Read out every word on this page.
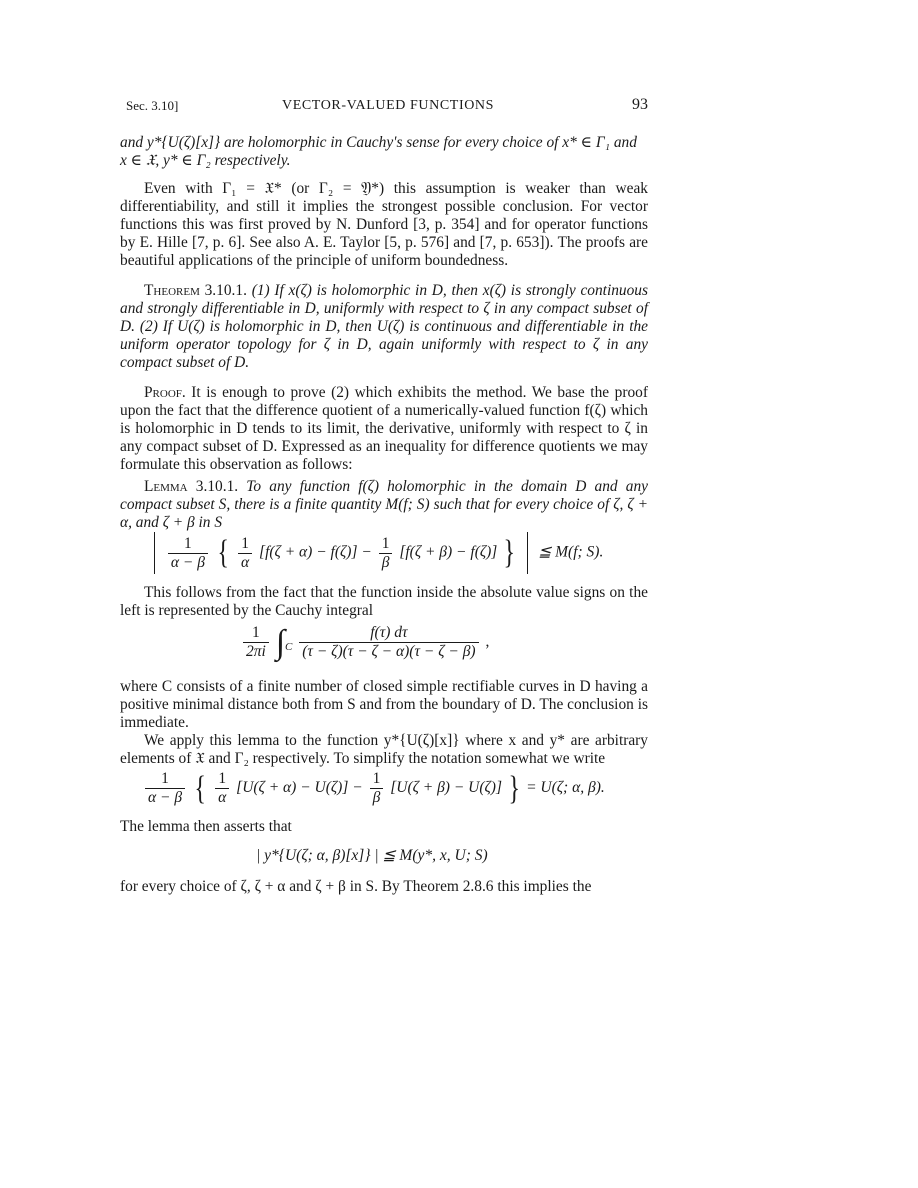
Sec. 3.10]	VECTOR-VALUED FUNCTIONS	93
and y*{U(ζ)[x]} are holomorphic in Cauchy's sense for every choice of x* ∈ Γ₁ and
x ∈ 𝔛, y* ∈ Γ₂ respectively.
Even with Γ₁ = 𝔛* (or Γ₂ = 𝔜*) this assumption is weaker than weak differentiability, and still it implies the strongest possible conclusion. For vector functions this was first proved by N. Dunford [3, p. 354] and for operator functions by E. Hille [7, p. 6]. See also A. E. Taylor [5, p. 576] and [7, p. 653]). The proofs are beautiful applications of the principle of uniform boundedness.
Theorem 3.10.1. (1) If x(ζ) is holomorphic in D, then x(ζ) is strongly continuous and strongly differentiable in D, uniformly with respect to ζ in any compact subset of D. (2) If U(ζ) is holomorphic in D, then U(ζ) is continuous and differentiable in the uniform operator topology for ζ in D, again uniformly with respect to ζ in any compact subset of D.
Proof. It is enough to prove (2) which exhibits the method. We base the proof upon the fact that the difference quotient of a numerically-valued function f(ζ) which is holomorphic in D tends to its limit, the derivative, uniformly with respect to ζ in any compact subset of D. Expressed as an inequality for difference quotients we may formulate this observation as follows:
Lemma 3.10.1. To any function f(ζ) holomorphic in the domain D and any compact subset S, there is a finite quantity M(f; S) such that for every choice of ζ, ζ + α, and ζ + β in S

$\frac{1}{\alpha - \beta}$ { $\frac{1}{\alpha} [f(\zeta + \alpha) - f(\zeta)] - \frac{1}{\beta} [f(\zeta + \beta) - f(\zeta)]$ } ≦ M(f; S).
This follows from the fact that the function inside the absolute value signs on the left is represented by the Cauchy integral
$\frac{1}{2\pi i} \int_C \frac{f(\tau) d\tau}{(\tau - \zeta)(\tau - \zeta - \alpha)(\tau - \zeta - \beta)}$ ,
where C consists of a finite number of closed simple rectifiable curves in D having a positive minimal distance both from S and from the boundary of D. The conclusion is immediate.
We apply this lemma to the function y*{U(ζ)[x]} where x and y* are arbitrary elements of 𝔛 and Γ₂ respectively. To simplify the notation somewhat we write
$\frac{1}{\alpha - \beta}$ { $\frac{1}{\alpha} [U(\zeta + \alpha) - U(\zeta)] - \frac{1}{\beta} [U(\zeta + \beta) - U(\zeta)]$ } = U(ζ; α, β).
The lemma then asserts that
| y*{U(ζ; α, β)[x]} | ≦ M(y*, x, U; S)
for every choice of ζ, ζ + α and ζ + β in S. By Theorem 2.8.6 this implies the
